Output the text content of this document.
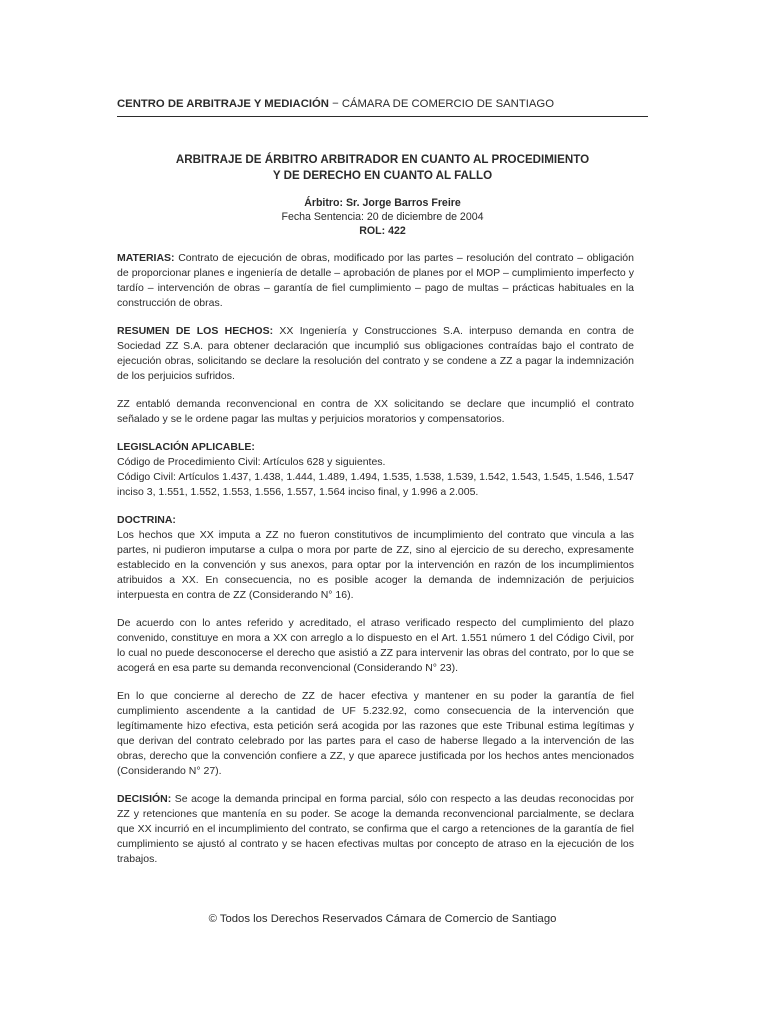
CENTRO DE ARBITRAJE Y MEDIACIÓN − CÁMARA DE COMERCIO DE SANTIAGO
ARBITRAJE DE ÁRBITRO ARBITRADOR EN CUANTO AL PROCEDIMIENTO
Y DE DERECHO EN CUANTO AL FALLO
Árbitro: Sr. Jorge Barros Freire
Fecha Sentencia: 20 de diciembre de 2004
ROL: 422

MATERIAS: Contrato de ejecución de obras, modificado por las partes – resolución del contrato – obligación de proporcionar planes e ingeniería de detalle – aprobación de planes por el MOP – cumplimiento imperfecto y tardío – intervención de obras – garantía de fiel cumplimiento – pago de multas – prácticas habituales en la construcción de obras.

RESUMEN DE LOS HECHOS: XX Ingeniería y Construcciones S.A. interpuso demanda en contra de Sociedad ZZ S.A. para obtener declaración que incumplió sus obligaciones contraídas bajo el contrato de ejecución obras, solicitando se declare la resolución del contrato y se condene a ZZ a pagar la indemnización de los perjuicios sufridos.

ZZ entabló demanda reconvencional en contra de XX solicitando se declare que incumplió el contrato señalado y se le ordene pagar las multas y perjuicios moratorios y compensatorios.

LEGISLACIÓN APLICABLE:
Código de Procedimiento Civil: Artículos 628 y siguientes.
Código Civil: Artículos 1.437, 1.438, 1.444, 1.489, 1.494, 1.535, 1.538, 1.539, 1.542, 1.543, 1.545, 1.546, 1.547 inciso 3, 1.551, 1.552, 1.553, 1.556, 1.557, 1.564 inciso final, y 1.996 a 2.005.

DOCTRINA:
Los hechos que XX imputa a ZZ no fueron constitutivos de incumplimiento del contrato que vincula a las partes, ni pudieron imputarse a culpa o mora por parte de ZZ, sino al ejercicio de su derecho, expresamente establecido en la convención y sus anexos, para optar por la intervención en razón de los incumplimientos atribuidos a XX. En consecuencia, no es posible acoger la demanda de indemnización de perjuicios interpuesta en contra de ZZ (Considerando N° 16).

De acuerdo con lo antes referido y acreditado, el atraso verificado respecto del cumplimiento del plazo convenido, constituye en mora a XX con arreglo a lo dispuesto en el Art. 1.551 número 1 del Código Civil, por lo cual no puede desconocerse el derecho que asistió a ZZ para intervenir las obras del contrato, por lo que se acogerá en esa parte su demanda reconvencional (Considerando N° 23).

En lo que concierne al derecho de ZZ de hacer efectiva y mantener en su poder la garantía de fiel cumplimiento ascendente a la cantidad de UF 5.232.92, como consecuencia de la intervención que legítimamente hizo efectiva, esta petición será acogida por las razones que este Tribunal estima legítimas y que derivan del contrato celebrado por las partes para el caso de haberse llegado a la intervención de las obras, derecho que la convención confiere a ZZ, y que aparece justificada por los hechos antes mencionados (Considerando N° 27).

DECISIÓN: Se acoge la demanda principal en forma parcial, sólo con respecto a las deudas reconocidas por ZZ y retenciones que mantenía en su poder. Se acoge la demanda reconvencional parcialmente, se declara que XX incurrió en el incumplimiento del contrato, se confirma que el cargo a retenciones de la garantía de fiel cumplimiento se ajustó al contrato y se hacen efectivas multas por concepto de atraso en la ejecución de los trabajos.

© Todos los Derechos Reservados Cámara de Comercio de Santiago
